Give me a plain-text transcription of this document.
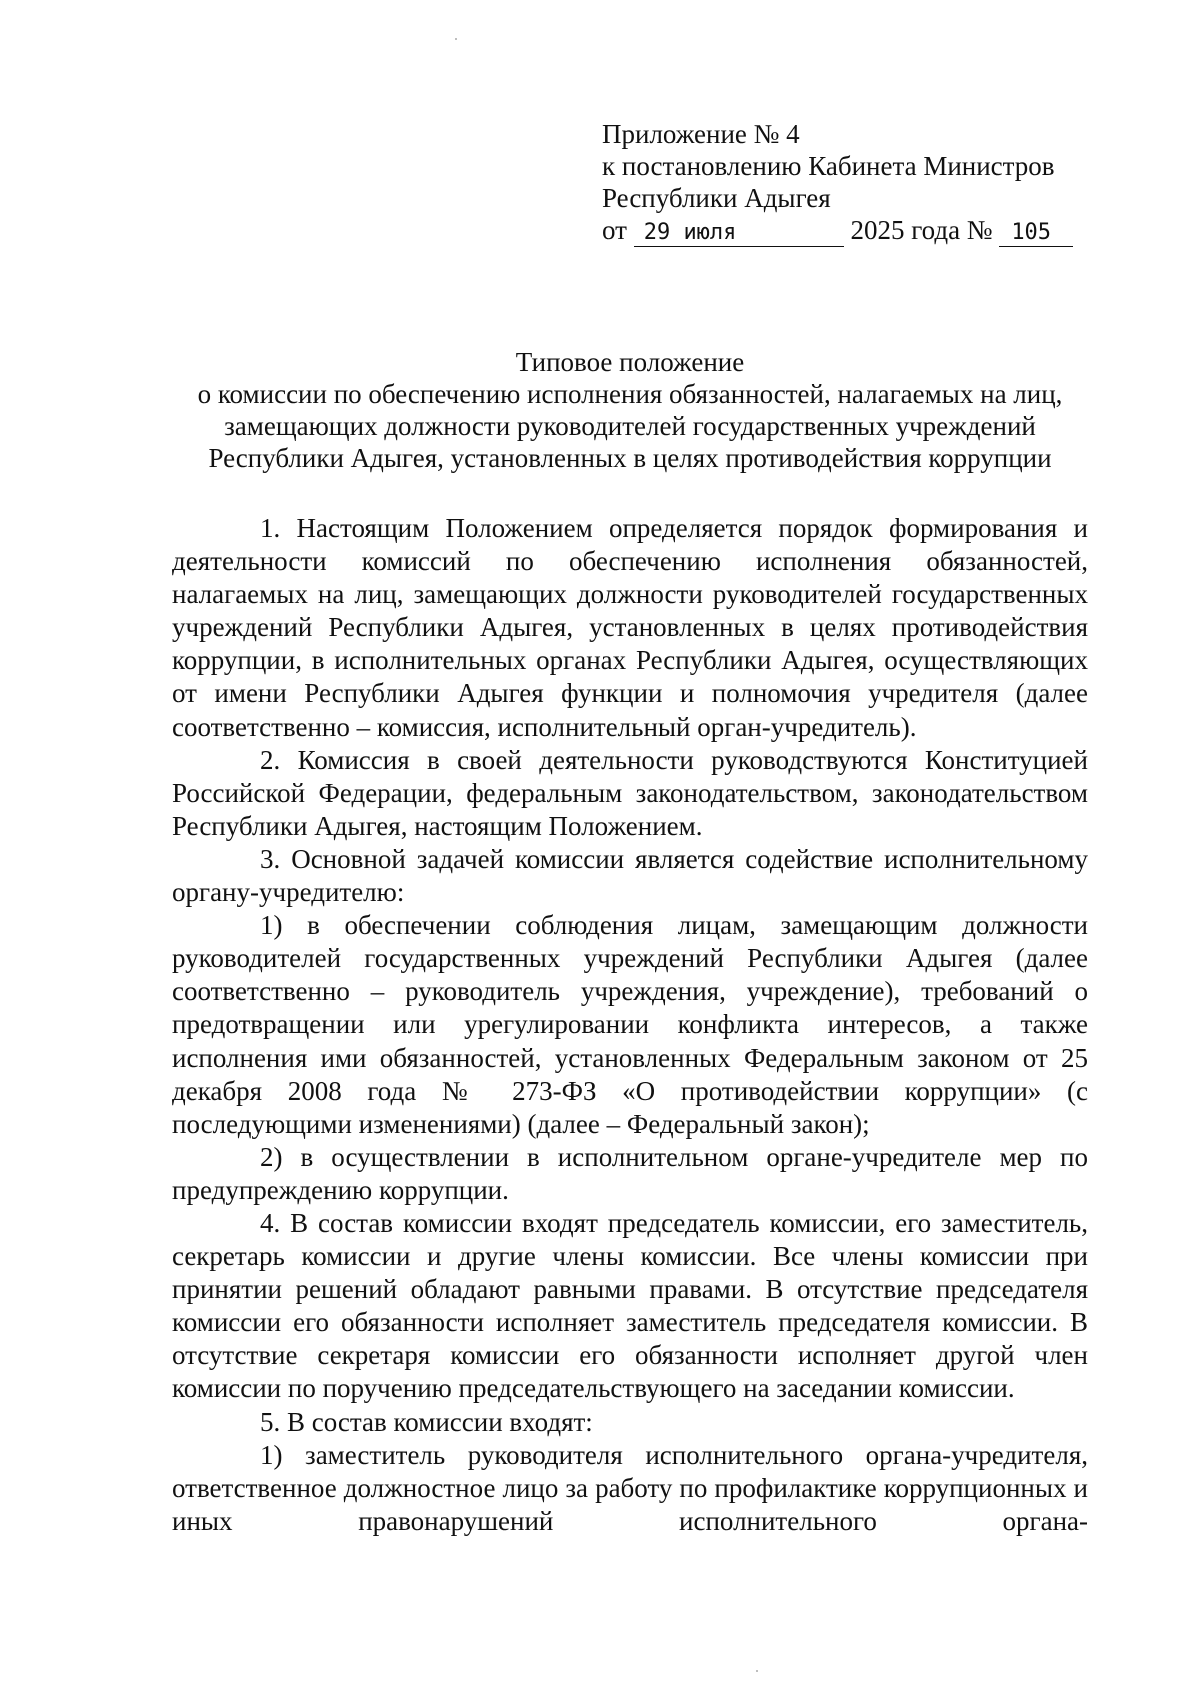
Приложение № 4
к постановлению Кабинета Министров
Республики Адыгея
от 29 июля	2025 года № 105
Типовое положение
о комиссии по обеспечению исполнения обязанностей, налагаемых на лиц,
замещающих должности руководителей государственных учреждений
Республики Адыгея, установленных в целях противодействия коррупции

1. Настоящим Положением определяется порядок формирования и деятельности комиссий по обеспечению исполнения обязанностей, налагаемых на лиц, замещающих должности руководителей государственных учреждений Республики Адыгея, установленных в целях противодействия коррупции, в исполнительных органах Республики Адыгея, осуществляющих от имени Республики Адыгея функции и полномочия учредителя (далее соответственно – комиссия, исполнительный орган-учредитель).

2. Комиссия в своей деятельности руководствуются Конституцией Российской Федерации, федеральным законодательством, законодательством Республики Адыгея, настоящим Положением.

3. Основной задачей комиссии является содействие исполнительному органу-учредителю:

1) в обеспечении соблюдения лицам, замещающим должности руководителей государственных учреждений Республики Адыгея (далее соответственно – руководитель учреждения, учреждение), требований о предотвращении или урегулировании конфликта интересов, а также исполнения ими обязанностей, установленных Федеральным законом от 25 декабря 2008 года № 273-ФЗ «О противодействии коррупции» (с последующими изменениями) (далее – Федеральный закон);

2) в осуществлении в исполнительном органе-учредителе мер по предупреждению коррупции.

4. В состав комиссии входят председатель комиссии, его заместитель, секретарь комиссии и другие члены комиссии. Все члены комиссии при принятии решений обладают равными правами. В отсутствие председателя комиссии его обязанности исполняет заместитель председателя комиссии. В отсутствие секретаря комиссии его обязанности исполняет другой член комиссии по поручению председательствующего на заседании комиссии.

5. В состав комиссии входят:

1) заместитель руководителя исполнительного органа-учредителя, ответственное должностное лицо за работу по профилактике коррупционных и иных правонарушений исполнительного органа-
